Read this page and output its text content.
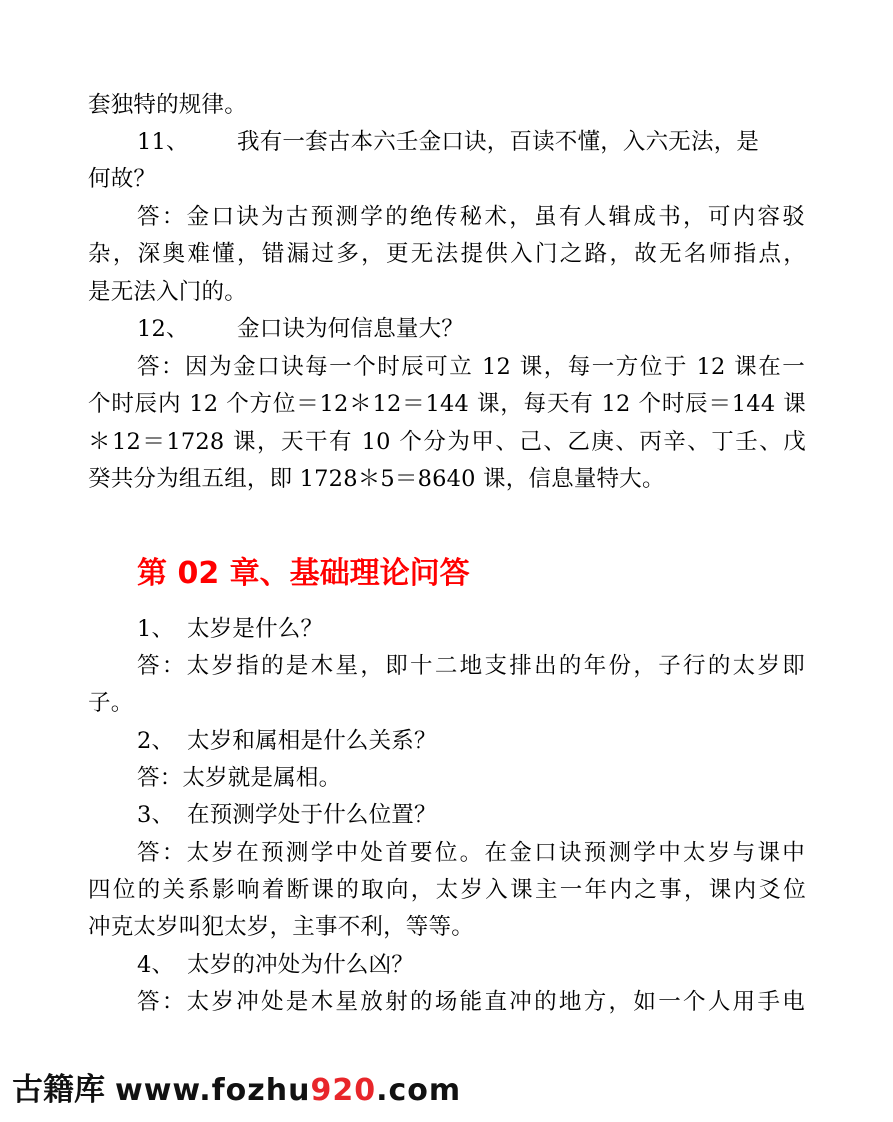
套独特的规律。
11、 我有一套古本六壬金口诀，百读不懂，入六无法，是
何故？
答：金口诀为古预测学的绝传秘术，虽有人辑成书，可内容驳
杂，深奥难懂，错漏过多，更无法提供入门之路，故无名师指点，
是无法入门的。
12、 金口诀为何信息量大？
答：因为金口诀每一个时辰可立 12 课，每一方位于 12 课在一
个时辰内 12 个方位＝12＊12＝144 课，每天有 12 个时辰＝144 课
＊12＝1728 课，天干有 10 个分为甲、己、乙庚、丙辛、丁壬、戊
癸共分为组五组，即 1728＊5＝8640 课，信息量特大。
第 02 章、基础理论问答
1、 太岁是什么？
答：太岁指的是木星，即十二地支排出的年份，子行的太岁即
子。
2、 太岁和属相是什么关系？
答：太岁就是属相。
3、 在预测学处于什么位置？
答：太岁在预测学中处首要位。在金口诀预测学中太岁与课中
四位的关系影响着断课的取向，太岁入课主一年内之事，课内爻位
冲克太岁叫犯太岁，主事不利，等等。
4、 太岁的冲处为什么凶？
答：太岁冲处是木星放射的场能直冲的地方，如一个人用手电
古籍库 www.fozhu920.com
